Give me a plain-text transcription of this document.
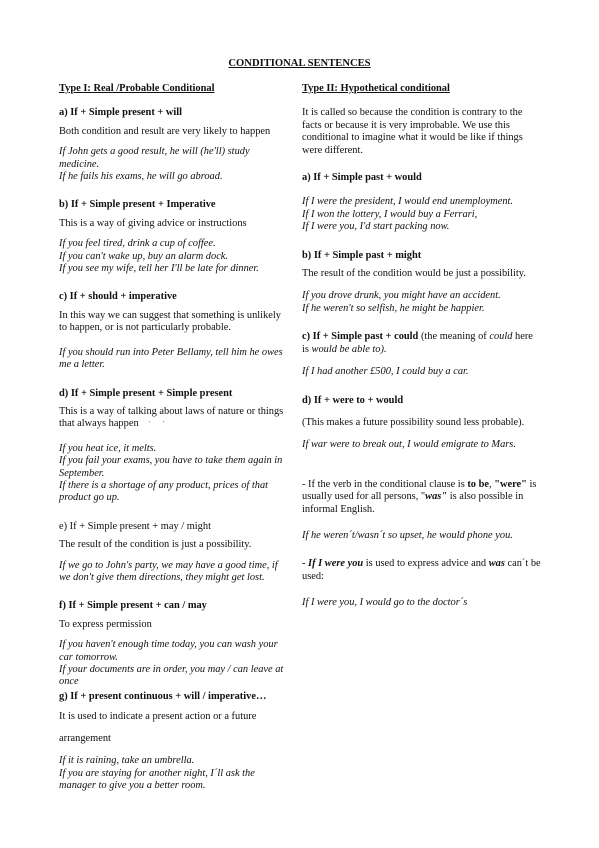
CONDITIONAL SENTENCES
Type I: Real /Probable Conditional
a) If + Simple present + will
Both condition and result are very likely to happen
If John gets a good result, he will (he'll) study medicine.
If he fails his exams, he will go abroad.
b) If + Simple present + Imperative
This is a way of giving advice or instructions
If you feel tired, drink a cup of coffee.
If you can't wake up, buy an alarm dock.
If you see my wife, tell her I'll be late for dinner.
c) If + should + imperative
In this way we can suggest that something is unlikely to happen, or is not particularly probable.
If you should run into Peter Bellamy, tell him he owes me a letter.
d) If + Simple present + Simple present
This is a way of talking about laws of nature or things that always happen ' '
If you heat ice, it melts.
If you fail your exams, you have to take them again in September.
If there is a shortage of any product, prices of that product go up.
e) If + Simple present + may / might
The result of the condition is just a possibility.
If we go to John's party, we may have a good time, if we don't give them directions, they might get lost.
f) If + Simple present + can / may
To express permission
If you haven't enough time today, you can wash your car tomorrow.
If your documents are in order, you may / can leave at once
g) If + present continuous + will / imperative…
It is used to indicate a present action or a future
arrangement
If it is raining, take an umbrella.
If you are staying for another night, I´ll ask the manager to give you a better room.
Type II: Hypothetical conditional
It is called so because the condition is contrary to the facts or because it is very improbable. We use this conditional to imagine what it would be like if things were different.
a) If + Simple past + would
If I were the president, I would end unemployment.
If I won the lottery, I would buy a Ferrari,
If I were you, I'd start packing now.
b) If + Simple past + might
The result of the condition would be just a possibility.
If you drove drunk, you might have an accident.
If he weren't so selfish, he might be happier.
c) If + Simple past + could (the meaning of could here is would be able to).
If I had another £500, I could buy a car.
d) If + were to + would
(This makes a future possibility sound less probable).
If war were to break out, I would emigrate to Mars.
- If the verb in the conditional clause is to be, "were" is usually used for all persons, "was" is also possible in informal English.
If he weren´t/wasn´t so upset, he would phone you.
- If I were you is used to express advice and was can´t be used:
If I were you, I would go to the doctor´s
